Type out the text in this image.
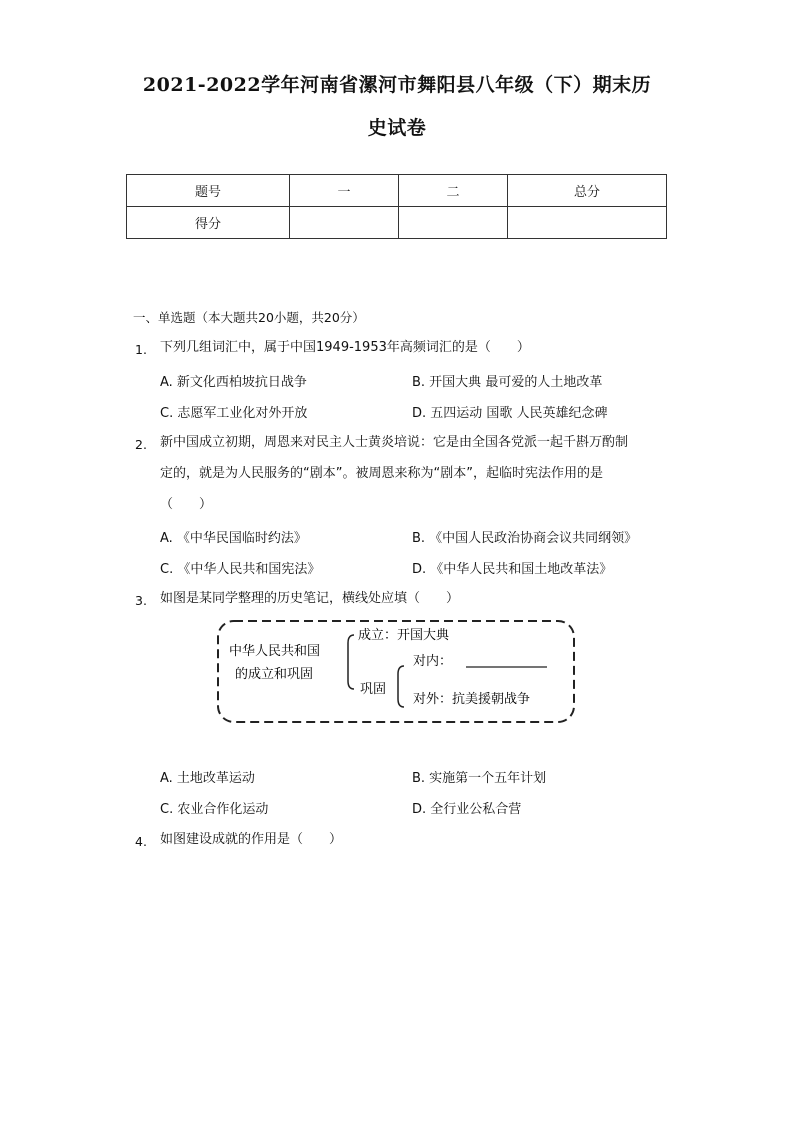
2021-2022学年河南省漯河市舞阳县八年级（下）期末历
史试卷
题号	一	二	总分
得分			
一、单选题（本大题共20小题，共20分）
1. 下列几组词汇中，属于中国1949-1953年高频词汇的是（　　）
A. 新文化西柏坡抗日战争	B. 开国大典 最可爱的人土地改革
C. 志愿军工业化对外开放	D. 五四运动 国歌 人民英雄纪念碑
2. 新中国成立初期，周恩来对民主人士黄炎培说：它是由全国各党派一起千斟万酌制
定的，就是为人民服务的“剧本”。被周恩来称为“剧本”，起临时宪法作用的是
（　　）
A. 《中华民国临时约法》	B. 《中国人民政治协商会议共同纲领》
C. 《中华人民共和国宪法》	D. 《中华人民共和国土地改革法》
3. 如图是某同学整理的历史笔记，横线处应填（　　）
中华人民共和国
的成立和巩固
成立：开国大典
巩固
对内：
对外：抗美援朝战争
A. 土地改革运动	B. 实施第一个五年计划
C. 农业合作化运动	D. 全行业公私合营
4. 如图建设成就的作用是（　　）
